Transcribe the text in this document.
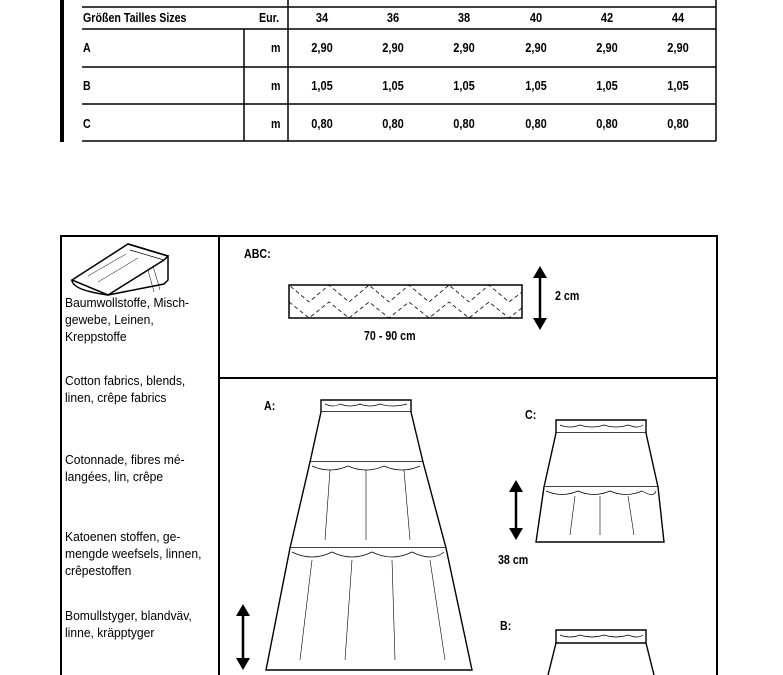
Größen Tailles Sizes	Eur.	34	36	38	40	42	44
A	m	2,90	2,90	2,90	2,90	2,90	2,90
B	m	1,05	1,05	1,05	1,05	1,05	1,05
C	m	0,80	0,80	0,80	0,80	0,80	0,80
Baumwollstoffe, Misch-
gewebe, Leinen,
Kreppstoffe
Cotton fabrics, blends,
linen, crêpe fabrics
Cotonnade, fibres mé-
langées, lin, crêpe
Katoenen stoffen, ge-
mengde weefsels, linnen,
crêpestoffen
Bomullstyger, blandväv,
linne, kräpptyger
ABC:
70 - 90 cm
2 cm
A:
C:
B:
38 cm
